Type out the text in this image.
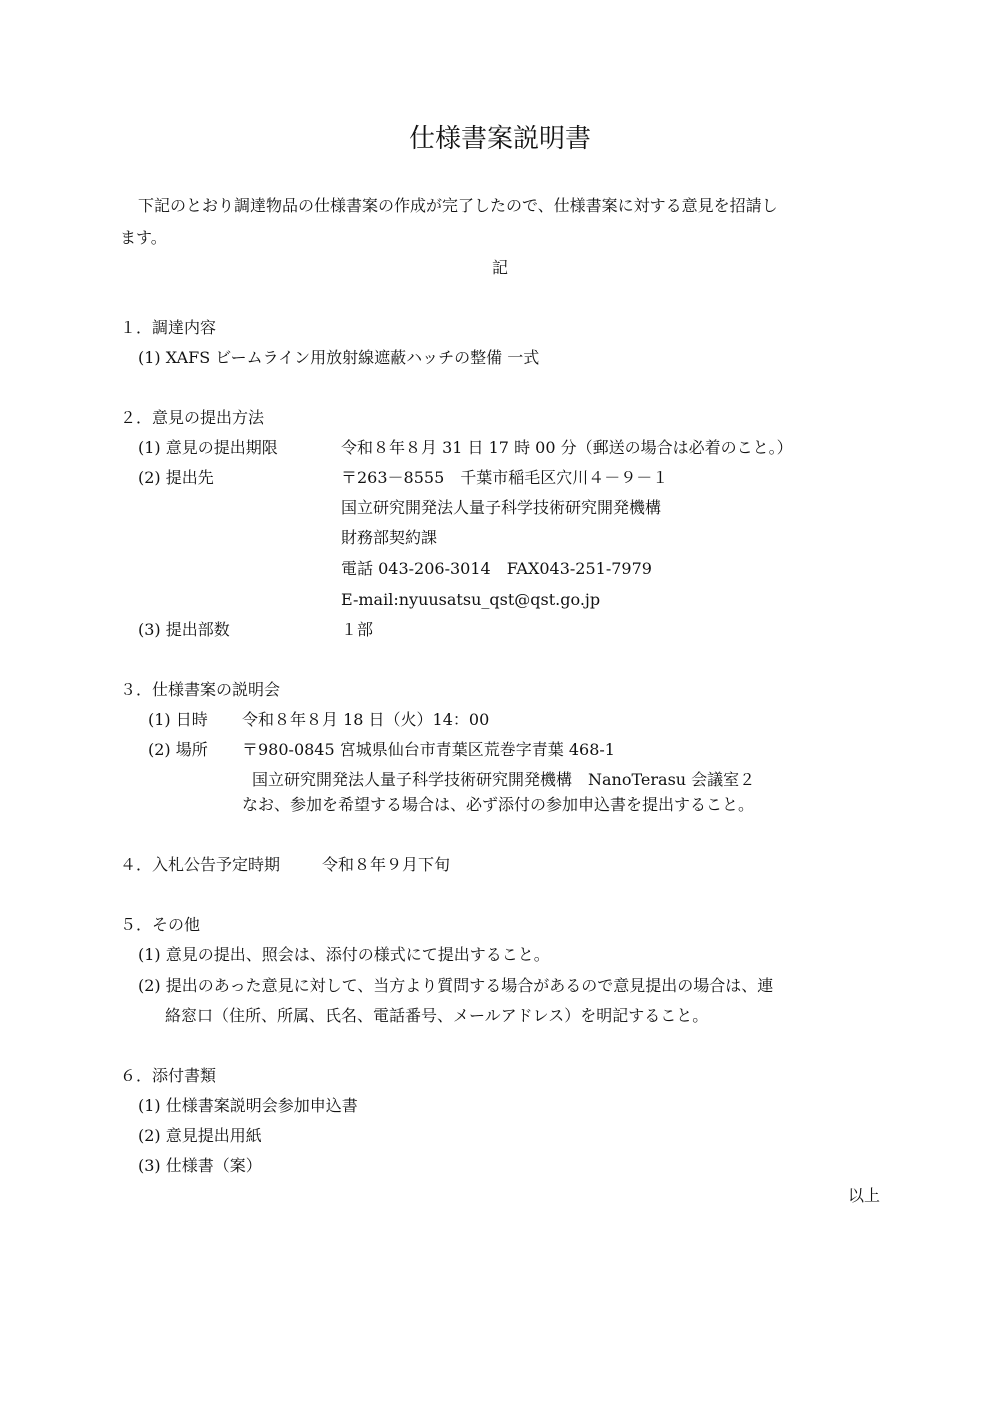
仕様書案説明書
下記のとおり調達物品の仕様書案の作成が完了したので、仕様書案に対する意見を招請し
ます。
記
１．調達内容
(1) XAFS ビームライン用放射線遮蔽ハッチの整備 一式
２．意見の提出方法
(1) 意見の提出期限	令和８年８月 31 日 17 時 00 分（郵送の場合は必着のこと。）
(2) 提出先	〒263－8555　千葉市稲毛区穴川４－９－１
国立研究開発法人量子科学技術研究開発機構
財務部契約課
電話 043-206-3014　FAX043-251-7979
E-mail:nyuusatsu_qst@qst.go.jp
(3) 提出部数	１部
３．仕様書案の説明会
(1) 日時 令和８年８月 18 日（火）14：00
(2) 場所 〒980-0845 宮城県仙台市青葉区荒巻字青葉 468-1
国立研究開発法人量子科学技術研究開発機構　NanoTerasu 会議室２
なお、参加を希望する場合は、必ず添付の参加申込書を提出すること。
４．入札公告予定時期	令和８年９月下旬
５．その他
(1) 意見の提出、照会は、添付の様式にて提出すること。
(2) 提出のあった意見に対して、当方より質問する場合があるので意見提出の場合は、連
絡窓口（住所、所属、氏名、電話番号、メールアドレス）を明記すること。
６．添付書類
(1) 仕様書案説明会参加申込書
(2) 意見提出用紙
(3) 仕様書（案）
以上
